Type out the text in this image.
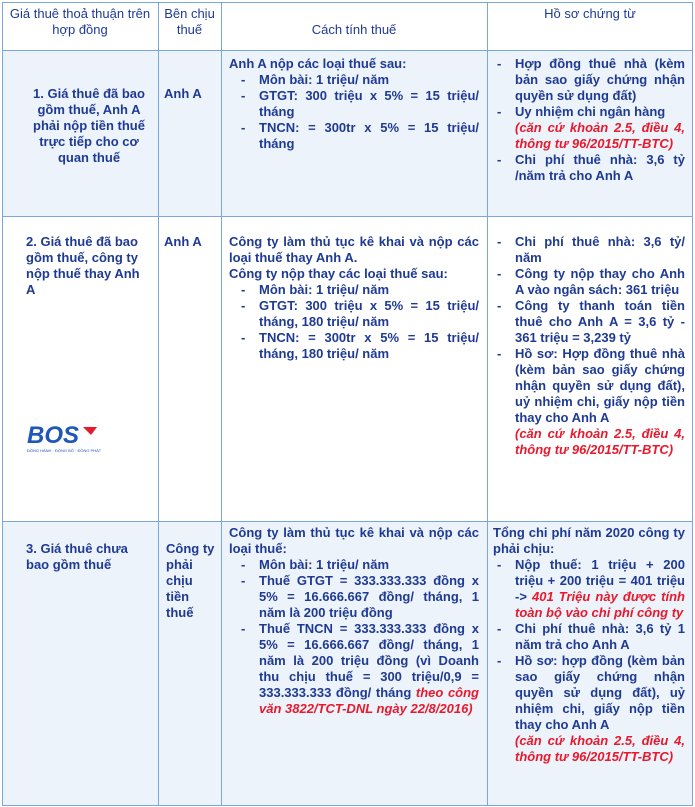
Giá thuê thoả thuận trên hợp đồng
Bên chịu thuế	Cách tính thuế
Hồ sơ chứng từ
1. Giá thuê đã bao gồm thuế, Anh A phải nộp tiền thuế trực tiếp cho cơ quan thuế
Anh A

Anh A nộp các loại thuế sau:

- Môn bài: 1 triệu/ năm
- GTGT: 300 triệu x 5% = 15 triệu/ tháng
- TNCN: = 300tr x 5% = 15 triệu/ tháng
- Hợp đồng thuê nhà (kèm bản sao giấy chứng nhận quyền sử dụng đất)
- Uy nhiệm chi ngân hàng
(căn cứ khoản 2.5, điều 4, thông tư 96/2015/TT-BTC)
- Chi phí thuê nhà: 3,6 tỷ /năm trả cho Anh A
2. Giá thuê đã bao gồm thuế, công ty nộp thuế thay Anh A
Anh A	Công ty làm thủ tục kê khai và nộp các loại thuế thay Anh A.

Công ty nộp thay các loại thuế sau:

- Môn bài: 1 triệu/ năm
- GTGT: 300 triệu x 5% = 15 triệu/ tháng, 180 triệu/ năm
- TNCN: = 300tr x 5% = 15 triệu/ tháng, 180 triệu/ năm
- Chi phí thuê nhà: 3,6 tỷ/ năm
- Công ty nộp thay cho Anh A vào ngân sách: 361 triệu
- Công ty thanh toán tiền thuê cho Anh A = 3,6 tỷ - 361 triệu = 3,239 tỷ
- Hồ sơ: Hợp đồng thuê nhà (kèm bản sao giấy chứng nhận quyền sử dụng đất), uỷ nhiệm chi, giấy nộp tiền thay cho Anh A
(căn cứ khoản 2.5, điều 4, thông tư 96/2015/TT-BTC)
BOS
ĐỒNG HÀNH · ĐỒNG BỘ · ĐỒNG PHÁT
3. Giá thuê chưa bao gồm thuế
Công ty phải chịu tiền thuế

Công ty làm thủ tục kê khai và nộp các loại thuế:

- Môn bài: 1 triệu/ năm
- Thuế GTGT = 333.333.333 đồng x 5% = 16.666.667 đồng/ tháng, 1 năm là 200 triệu đồng
- Thuế TNCN = 333.333.333 đồng x 5% = 16.666.667 đồng/ tháng, 1 năm là 200 triệu đồng (vì Doanh thu chịu thuế = 300 triệu/0,9 = 333.333.333 đồng/ tháng theo công văn 3822/TCT-DNL ngày 22/8/2016)

Tổng chi phí năm 2020 công ty phải chịu:

- Nộp thuế: 1 triệu + 200 triệu + 200 triệu = 401 triệu -> 401 Triệu này được tính toàn bộ vào chi phí công ty
- Chi phí thuê nhà: 3,6 tỷ 1 năm trả cho Anh A
- Hồ sơ: hợp đồng (kèm bản sao giấy chứng nhận quyền sử dụng đất), uỷ nhiệm chi, giấy nộp tiền thay cho Anh A
(căn cứ khoản 2.5, điều 4, thông tư 96/2015/TT-BTC)
